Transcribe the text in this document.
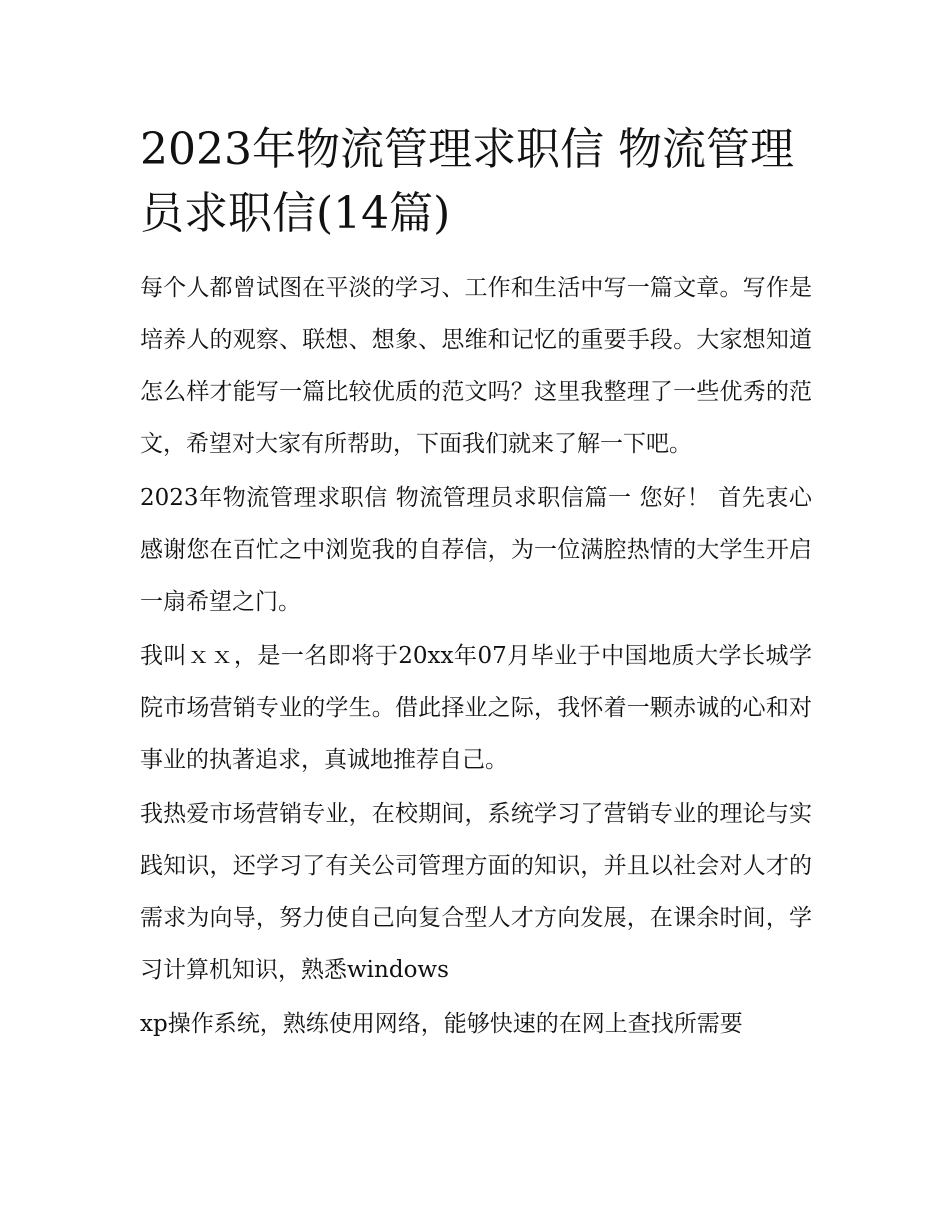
2023年物流管理求职信 物流管理员求职信(14篇)

每个人都曾试图在平淡的学习、工作和生活中写一篇文章。写作是培养人的观察、联想、想象、思维和记忆的重要手段。大家想知道怎么样才能写一篇比较优质的范文吗？这里我整理了一些优秀的范文，希望对大家有所帮助，下面我们就来了解一下吧。

2023年物流管理求职信 物流管理员求职信篇一 您好！ 首先衷心感谢您在百忙之中浏览我的自荐信，为一位满腔热情的大学生开启一扇希望之门。

我叫ｘｘ，是一名即将于20xx年07月毕业于中国地质大学长城学院市场营销专业的学生。借此择业之际，我怀着一颗赤诚的心和对事业的执著追求，真诚地推荐自己。

我热爱市场营销专业，在校期间，系统学习了营销专业的理论与实践知识，还学习了有关公司管理方面的知识，并且以社会对人才的需求为向导，努力使自己向复合型人才方向发展，在课余时间，学习计算机知识，熟悉windows

xp操作系统，熟练使用网络，能够快速的在网上查找所需要
